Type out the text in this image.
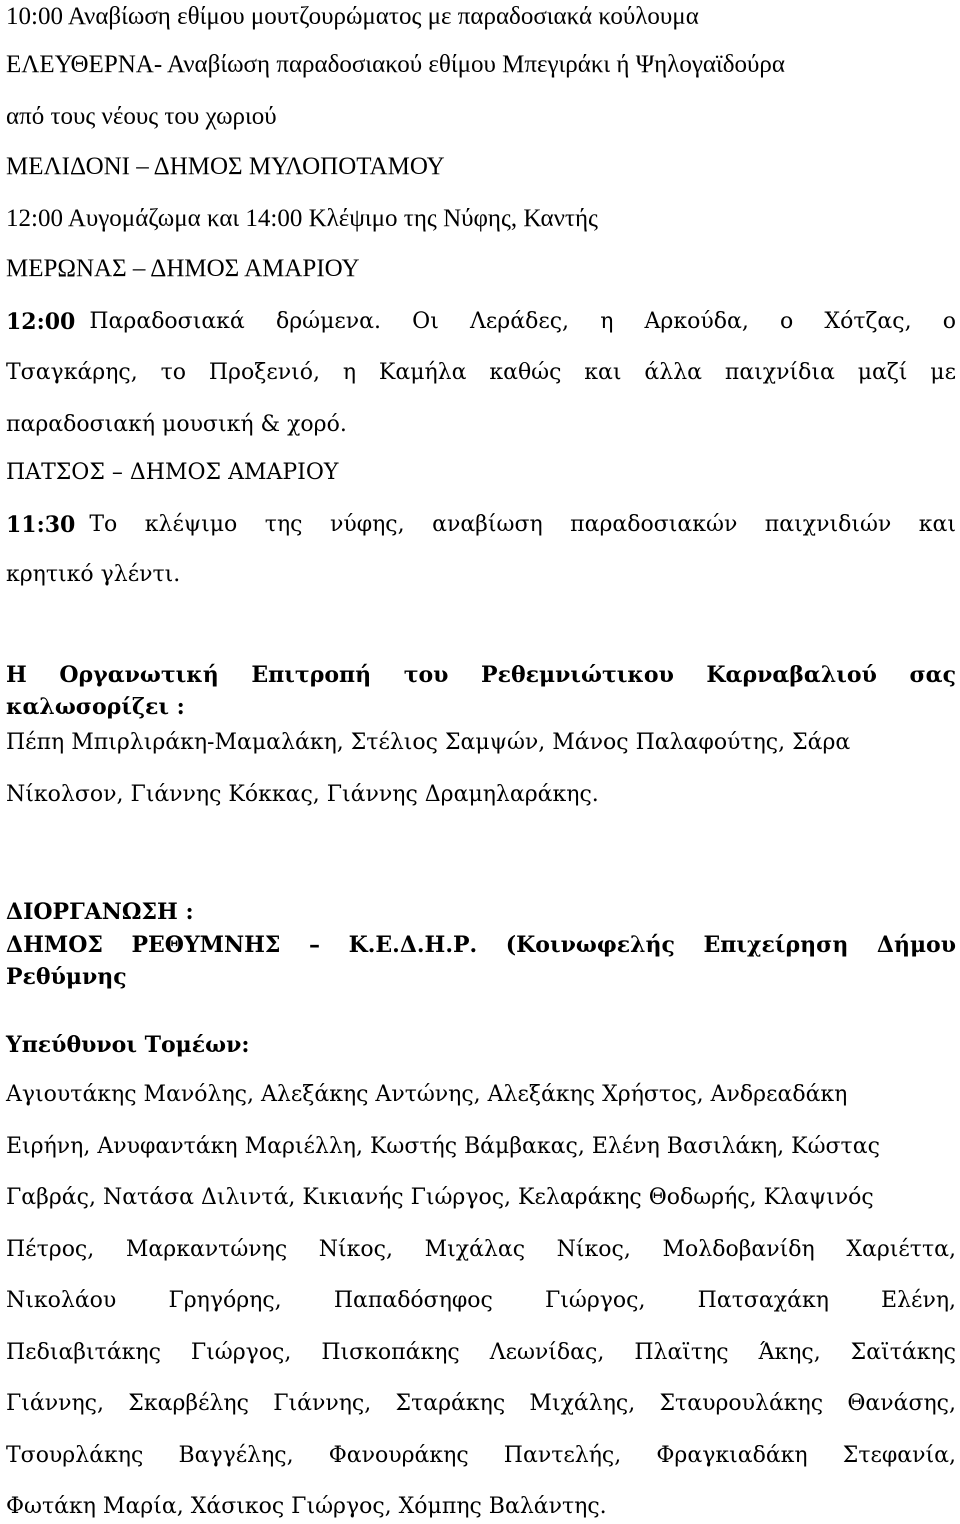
10:00 Αναβίωση εθίμου μουτζουρώματος με παραδοσιακά κούλουμα
ΕΛΕΥΘΕΡΝΑ- Αναβίωση παραδοσιακού εθίμου Μπεγιράκι ή Ψηλογαϊδούρα
από τους νέους του χωριού
ΜΕΛΙΔΟΝΙ – ΔΗΜΟΣ ΜΥΛΟΠΟΤΑΜΟΥ
12:00 Αυγομάζωμα και 14:00 Κλέψιμο της Νύφης, Καντής
ΜΕΡΩΝΑΣ – ΔΗΜΟΣ ΑΜΑΡΙΟΥ
12:00 Παραδοσιακά δρώμενα. Οι Λεράδες, η Αρκούδα, ο Χότζας, ο
Τσαγκάρης, το Προξενιό, η Καμήλα καθώς και άλλα παιχνίδια μαζί με
παραδοσιακή μουσική & χορό.
ΠΑΤΣΟΣ – ΔΗΜΟΣ ΑΜΑΡΙΟΥ
11:30 Το κλέψιμο της νύφης, αναβίωση παραδοσιακών παιχνιδιών και
κρητικό γλέντι.
Η Οργανωτική Επιτροπή του Ρεθεμνιώτικου Καρναβαλιού σας
καλωσορίζει :
Πέπη Μπιρλιράκη-Μαμαλάκη, Στέλιος Σαμψών, Μάνος Παλαφούτης, Σάρα
Νίκολσον, Γιάννης Κόκκας, Γιάννης Δραμηλαράκης.
ΔΙΟΡΓΑΝΩΣΗ :
ΔΗΜΟΣ ΡΕΘΥΜΝΗΣ – Κ.Ε.Δ.Η.Ρ. (Κοινωφελής Επιχείρηση Δήμου
Ρεθύμνης
Υπεύθυνοι Τομέων:
Αγιουτάκης Μανόλης, Αλεξάκης Αντώνης, Αλεξάκης Χρήστος, Ανδρεαδάκη
Ειρήνη, Ανυφαντάκη Μαριέλλη, Κωστής Βάμβακας, Ελένη Βασιλάκη, Κώστας
Γαβράς, Νατάσα Διλιντά, Κικιανής Γιώργος, Κελαράκης Θοδωρής, Κλαψινός
Πέτρος, Μαρκαντώνης Νίκος, Μιχάλας Νίκος, Μολδοβανίδη Χαριέττα,
Νικολάου Γρηγόρης, Παπαδόσηφος Γιώργος, Πατσαχάκη Ελένη,
Πεδιαβιτάκης Γιώργος, Πισκοπάκης Λεωνίδας, Πλαϊτης Άκης, Σαϊτάκης
Γιάννης, Σκαρβέλης Γιάννης, Σταράκης Μιχάλης, Σταυρουλάκης Θανάσης,
Τσουρλάκης Βαγγέλης, Φανουράκης Παντελής, Φραγκιαδάκη Στεφανία,
Φωτάκη Μαρία, Χάσικος Γιώργος, Χόμπης Βαλάντης.
